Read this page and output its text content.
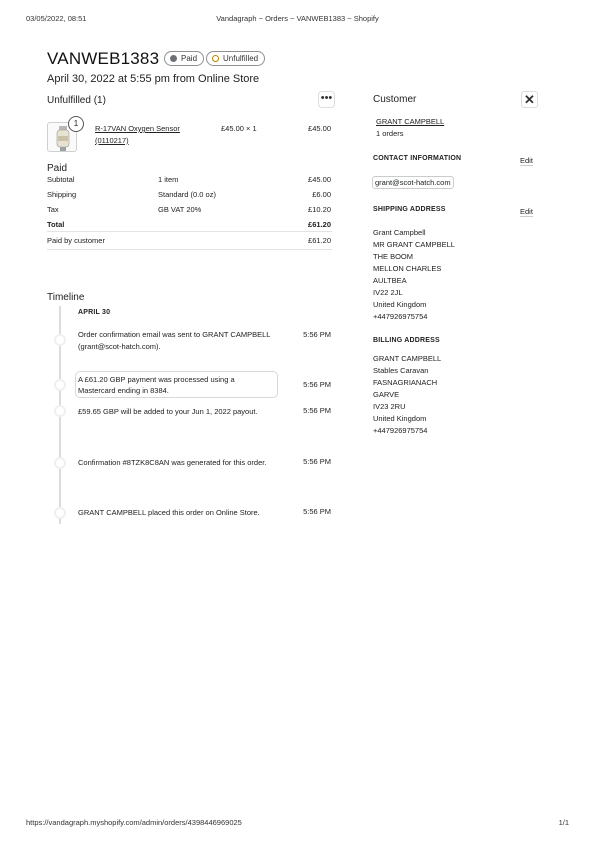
03/05/2022, 08:51	Vandagraph ~ Orders ~ VANWEB1383 ~ Shopify
VANWEB1383	Paid	Unfulfilled
April 30, 2022 at 5:55 pm from Online Store
Unfulfilled (1)	•••
1
R-17VAN Oxygen Sensor
(0110217)
£45.00 × 1	£45.00
Paid
Subtotal	1 item	£45.00
Shipping	Standard (0.0 oz)	£6.00
Tax	GB VAT 20%	£10.20
Total	£61.20
Paid by customer	£61.20
Timeline
APRIL 30
Order confirmation email was sent to GRANT CAMPBELL
(grant@scot-hatch.com).
5:56 PM
A £61.20 GBP payment was processed using a
Mastercard ending in 8384.
5:56 PM
£59.65 GBP will be added to your Jun 1, 2022 payout.	5:56 PM
Confirmation #8TZK8C8AN was generated for this order.	5:56 PM
GRANT CAMPBELL placed this order on Online Store.	5:56 PM
Customer	✕
GRANT CAMPBELL
1 orders
CONTACT INFORMATION	Edit
grant@scot-hatch.com
SHIPPING ADDRESS	Edit
Grant Campbell
MR GRANT CAMPBELL
THE BOOM
MELLON CHARLES
AULTBEA
IV22 2JL
United Kingdom
+447926975754
BILLING ADDRESS
GRANT CAMPBELL
Stables Caravan
FASNAGRIANACH
GARVE
IV23 2RU
United Kingdom
+447926975754
https://vandagraph.myshopify.com/admin/orders/4398446969025	1/1
